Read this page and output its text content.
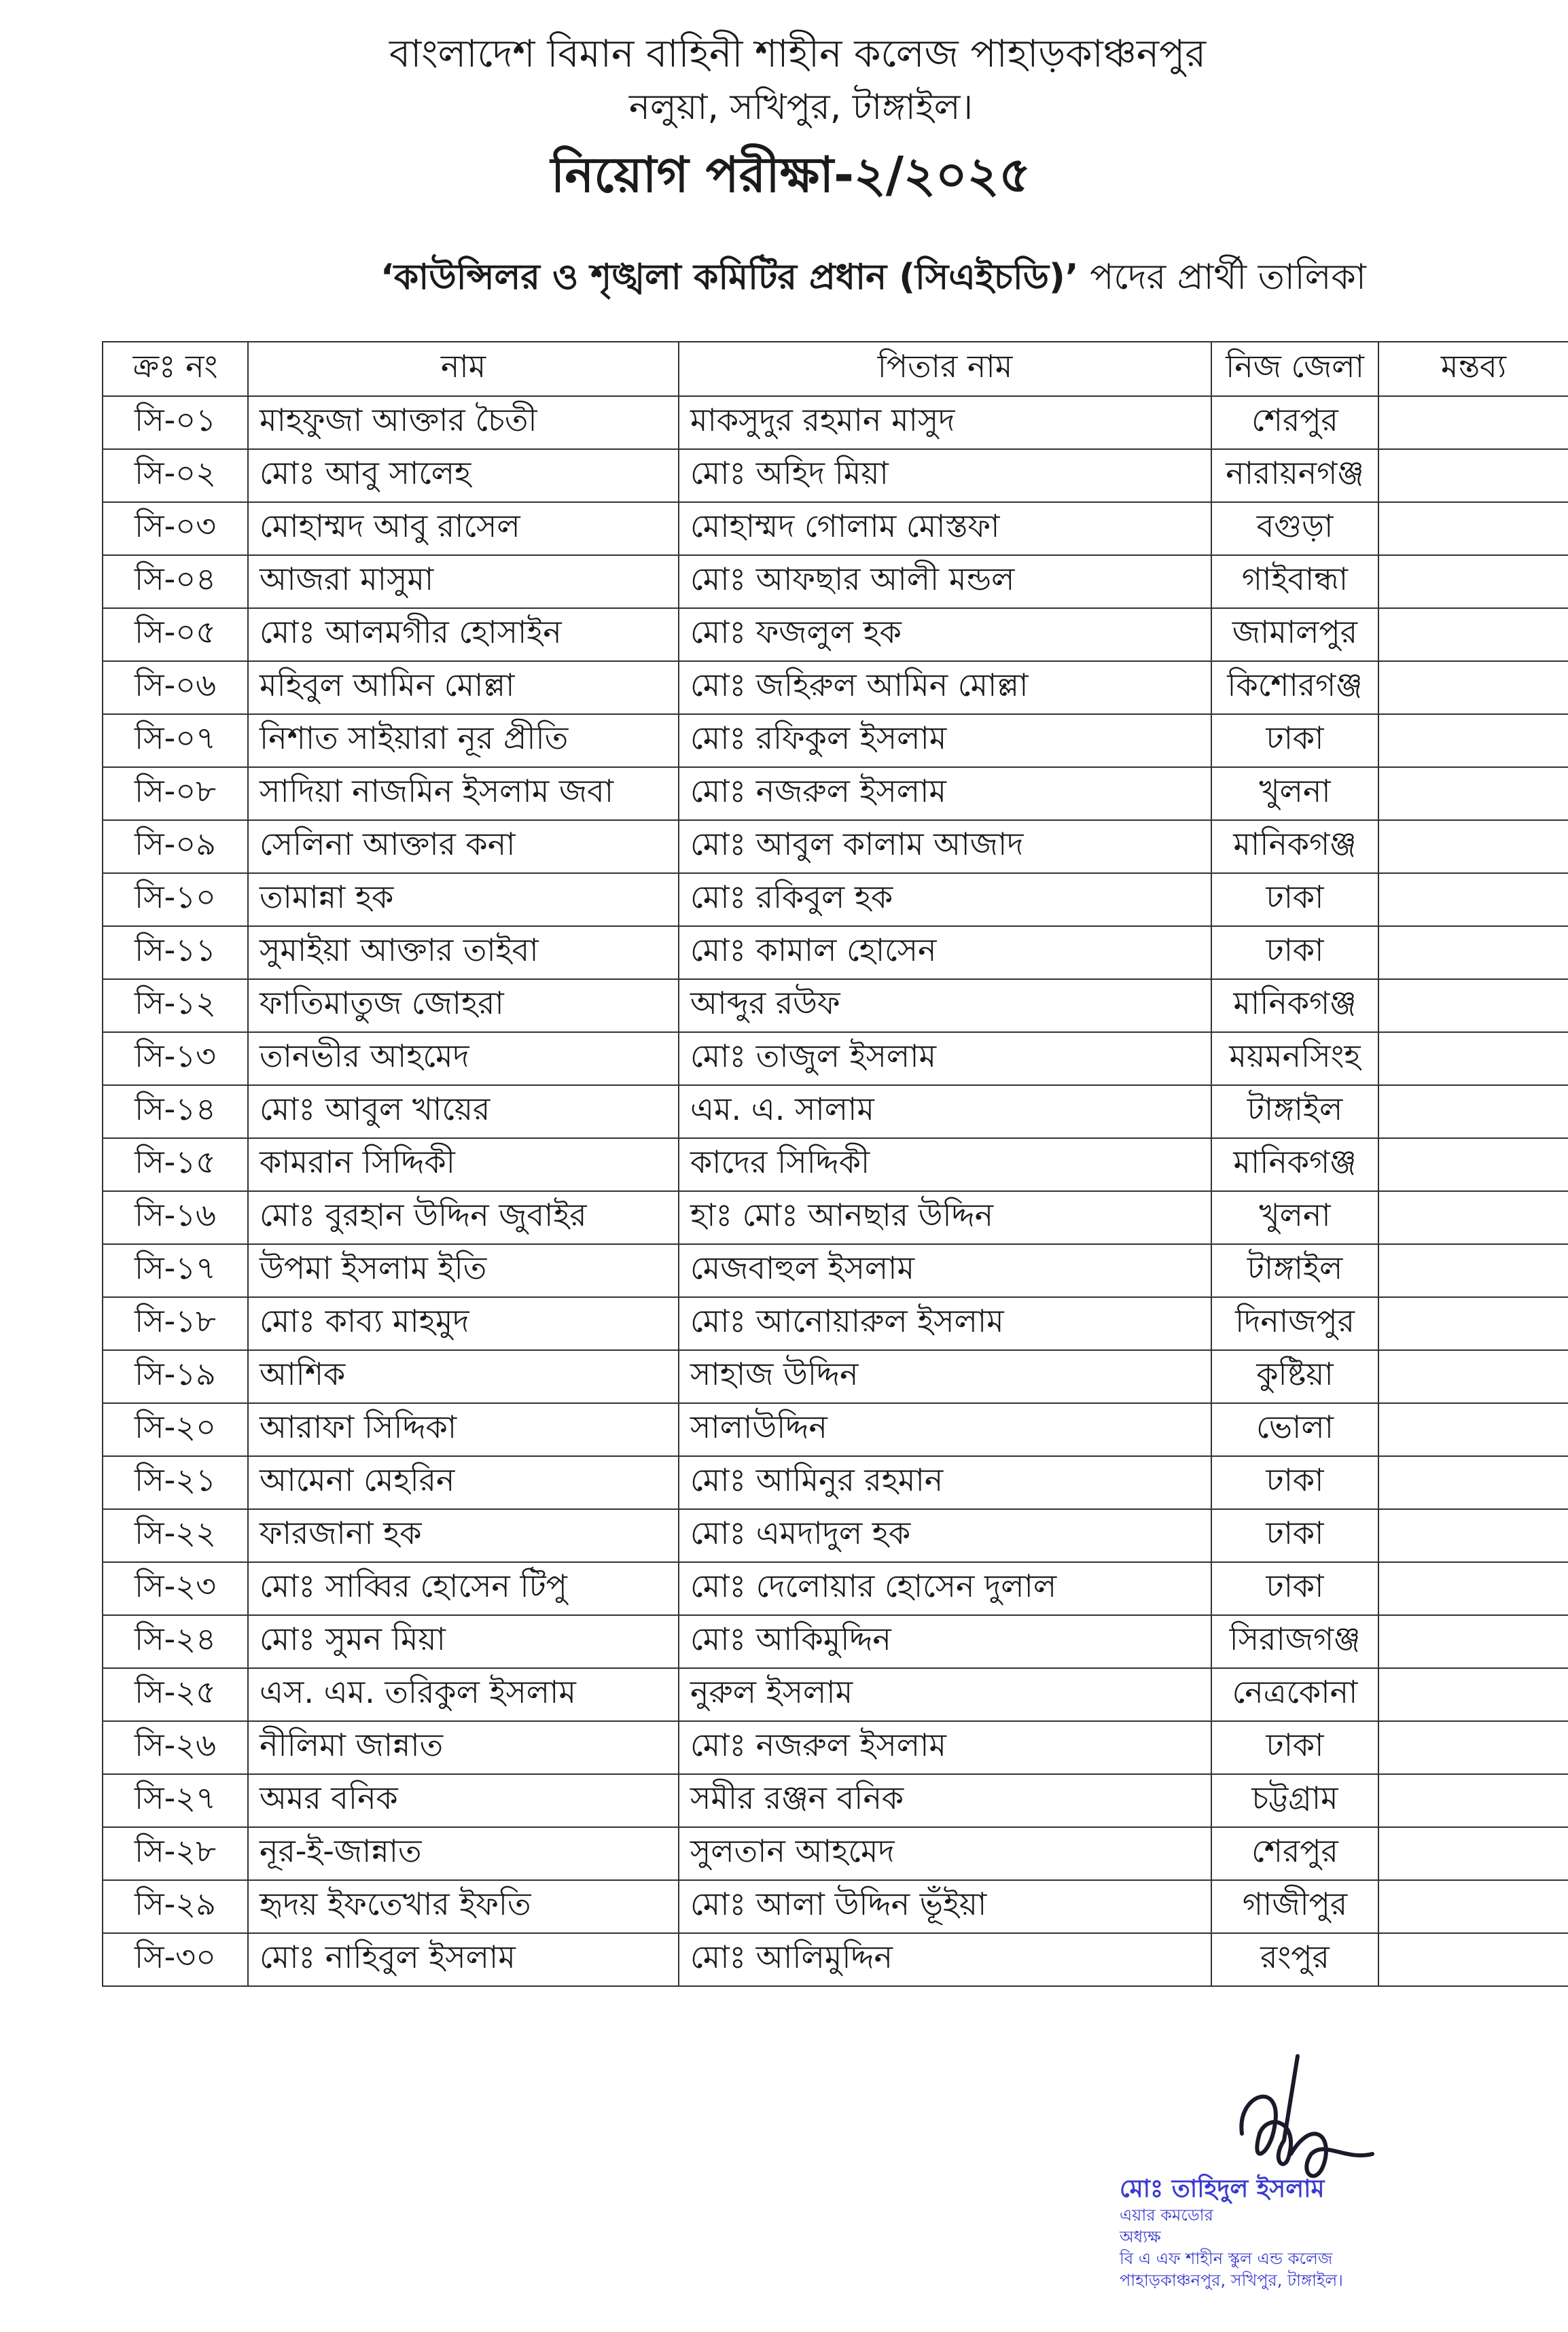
বাংলাদেশ বিমান বাহিনী শাহীন কলেজ পাহাড়কাঞ্চনপুর
নলুয়া, সখিপুর, টাঙ্গাইল।
নিয়োগ পরীক্ষা-২/২০২৫
‘কাউন্সিলর ও শৃঙ্খলা কমিটির প্রধান (সিএইচডি)’ পদের প্রার্থী তালিকা
ক্রঃ নং	নাম	পিতার নাম	নিজ জেলা	মন্তব্য
সি-০১	মাহফুজা আক্তার চৈতী	মাকসুদুর রহমান মাসুদ	শেরপুর	
সি-০২	মোঃ আবু সালেহ	মোঃ অহিদ মিয়া	নারায়নগঞ্জ	
সি-০৩	মোহাম্মদ আবু রাসেল	মোহাম্মদ গোলাম মোস্তফা	বগুড়া	
সি-০৪	আজরা মাসুমা	মোঃ আফছার আলী মন্ডল	গাইবান্ধা	
সি-০৫	মোঃ আলমগীর হোসাইন	মোঃ ফজলুল হক	জামালপুর	
সি-০৬	মহিবুল আমিন মোল্লা	মোঃ জহিরুল আমিন মোল্লা	কিশোরগঞ্জ	
সি-০৭	নিশাত সাইয়ারা নূর প্রীতি	মোঃ রফিকুল ইসলাম	ঢাকা	
সি-০৮	সাদিয়া নাজমিন ইসলাম জবা	মোঃ নজরুল ইসলাম	খুলনা	
সি-০৯	সেলিনা আক্তার কনা	মোঃ আবুল কালাম আজাদ	মানিকগঞ্জ	
সি-১০	তামান্না হক	মোঃ রকিবুল হক	ঢাকা	
সি-১১	সুমাইয়া আক্তার তাইবা	মোঃ কামাল হোসেন	ঢাকা	
সি-১২	ফাতিমাতুজ জোহরা	আব্দুর রউফ	মানিকগঞ্জ	
সি-১৩	তানভীর আহমেদ	মোঃ তাজুল ইসলাম	ময়মনসিংহ	
সি-১৪	মোঃ আবুল খায়ের	এম. এ. সালাম	টাঙ্গাইল	
সি-১৫	কামরান সিদ্দিকী	কাদের সিদ্দিকী	মানিকগঞ্জ	
সি-১৬	মোঃ বুরহান উদ্দিন জুবাইর	হাঃ মোঃ আনছার উদ্দিন	খুলনা	
সি-১৭	উপমা ইসলাম ইতি	মেজবাহুল ইসলাম	টাঙ্গাইল	
সি-১৮	মোঃ কাব্য মাহমুদ	মোঃ আনোয়ারুল ইসলাম	দিনাজপুর	
সি-১৯	আশিক	সাহাজ উদ্দিন	কুষ্টিয়া	
সি-২০	আরাফা সিদ্দিকা	সালাউদ্দিন	ভোলা	
সি-২১	আমেনা মেহরিন	মোঃ আমিনুর রহমান	ঢাকা	
সি-২২	ফারজানা হক	মোঃ এমদাদুল হক	ঢাকা	
সি-২৩	মোঃ সাব্বির হোসেন টিপু	মোঃ দেলোয়ার হোসেন দুলাল	ঢাকা	
সি-২৪	মোঃ সুমন মিয়া	মোঃ আকিমুদ্দিন	সিরাজগঞ্জ	
সি-২৫	এস. এম. তরিকুল ইসলাম	নুরুল ইসলাম	নেত্রকোনা	
সি-২৬	নীলিমা জান্নাত	মোঃ নজরুল ইসলাম	ঢাকা	
সি-২৭	অমর বনিক	সমীর রঞ্জন বনিক	চট্টগ্রাম	
সি-২৮	নূর-ই-জান্নাত	সুলতান আহমেদ	শেরপুর	
সি-২৯	হৃদয় ইফতেখার ইফতি	মোঃ আলা উদ্দিন ভূঁইয়া	গাজীপুর	
সি-৩০	মোঃ নাহিবুল ইসলাম	মোঃ আলিমুদ্দিন	রংপুর	
মোঃ তাহিদুল ইসলাম
এয়ার কমডোর
অধ্যক্ষ
বি এ এফ শাহীন স্কুল এন্ড কলেজ
পাহাড়কাঞ্চনপুর, সখিপুর, টাঙ্গাইল।
